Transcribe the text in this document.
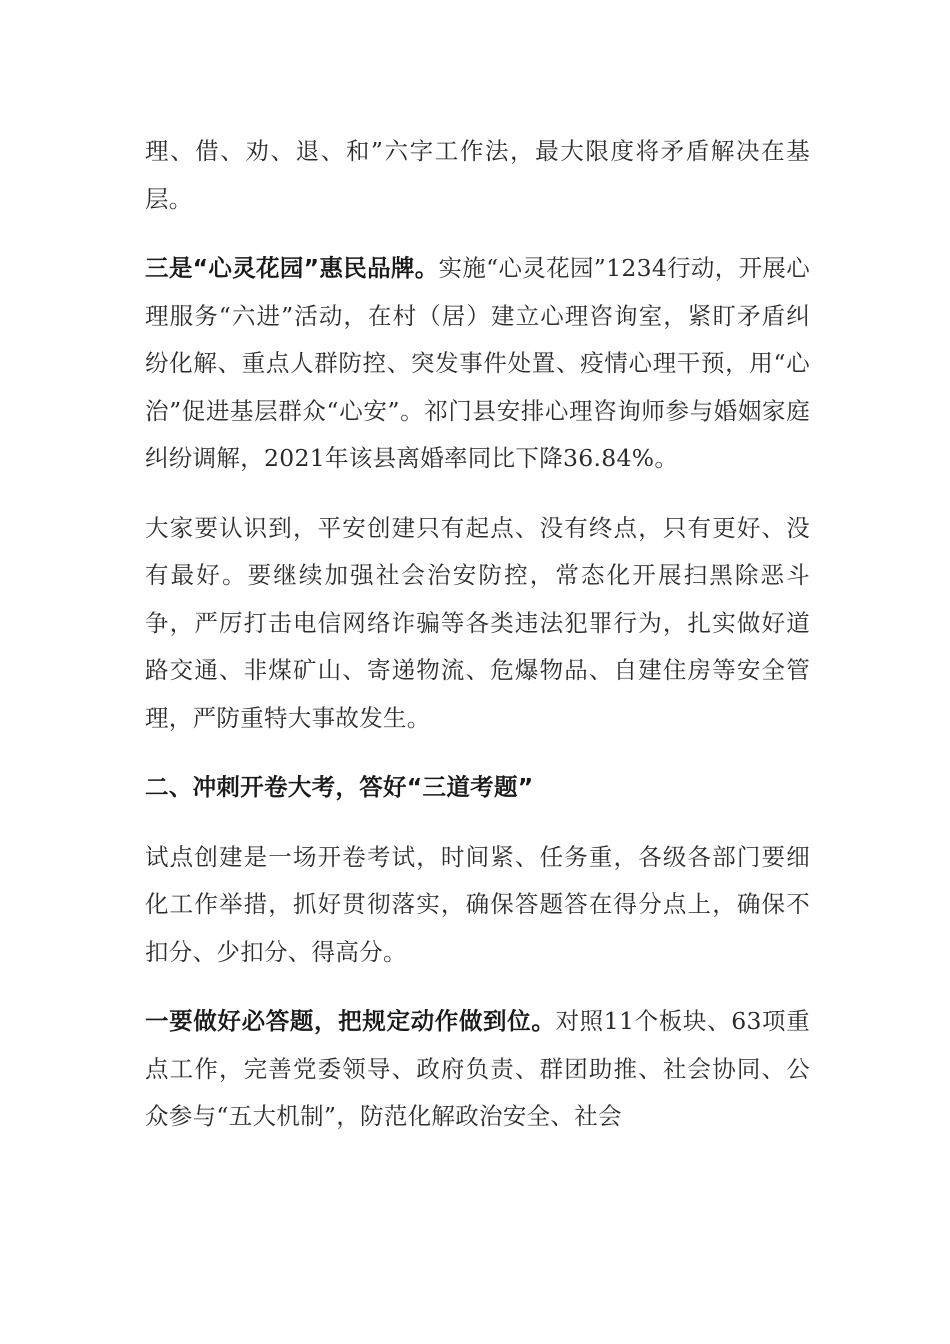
理、借、劝、退、和”六字工作法，最大限度将矛盾解决在基层。

三是“心灵花园”惠民品牌。实施“心灵花园”1234行动，开展心理服务“六进”活动，在村（居）建立心理咨询室，紧盯矛盾纠纷化解、重点人群防控、突发事件处置、疫情心理干预，用“心治”促进基层群众“心安”。祁门县安排心理咨询师参与婚姻家庭纠纷调解，2021年该县离婚率同比下降36.84%。

大家要认识到，平安创建只有起点、没有终点，只有更好、没有最好。要继续加强社会治安防控，常态化开展扫黑除恶斗争，严厉打击电信网络诈骗等各类违法犯罪行为，扎实做好道路交通、非煤矿山、寄递物流、危爆物品、自建住房等安全管理，严防重特大事故发生。

二、冲刺开卷大考，答好“三道考题”

试点创建是一场开卷考试，时间紧、任务重，各级各部门要细化工作举措，抓好贯彻落实，确保答题答在得分点上，确保不扣分、少扣分、得高分。

一要做好必答题，把规定动作做到位。对照11个板块、63项重点工作，完善党委领导、政府负责、群团助推、社会协同、公众参与“五大机制”，防范化解政治安全、社会
